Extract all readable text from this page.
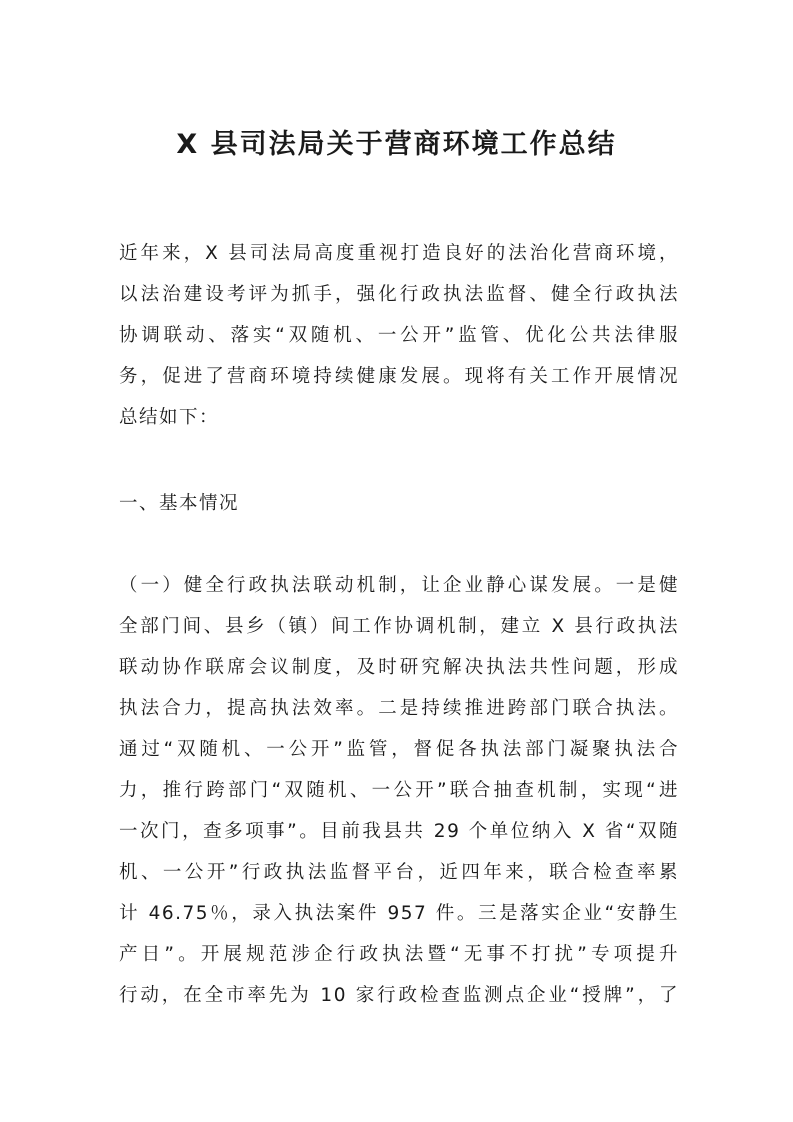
X 县司法局关于营商环境工作总结
近年来，X 县司法局高度重视打造良好的法治化营商环境，
以法治建设考评为抓手，强化行政执法监督、健全行政执法
协调联动、落实“双随机、一公开”监管、优化公共法律服
务，促进了营商环境持续健康发展。现将有关工作开展情况
总结如下：
一、基本情况
（一）健全行政执法联动机制，让企业静心谋发展。一是健
全部门间、县乡（镇）间工作协调机制，建立 X 县行政执法
联动协作联席会议制度，及时研究解决执法共性问题，形成
执法合力，提高执法效率。二是持续推进跨部门联合执法。
通过“双随机、一公开”监管，督促各执法部门凝聚执法合
力，推行跨部门“双随机、一公开”联合抽查机制，实现“进
一次门，查多项事”。目前我县共 29 个单位纳入 X 省“双随
机、一公开”行政执法监督平台，近四年来，联合检查率累
计 46.75％，录入执法案件 957 件。三是落实企业“安静生
产日”。开展规范涉企行政执法暨“无事不打扰”专项提升
行动，在全市率先为 10 家行政检查监测点企业“授牌”，了
